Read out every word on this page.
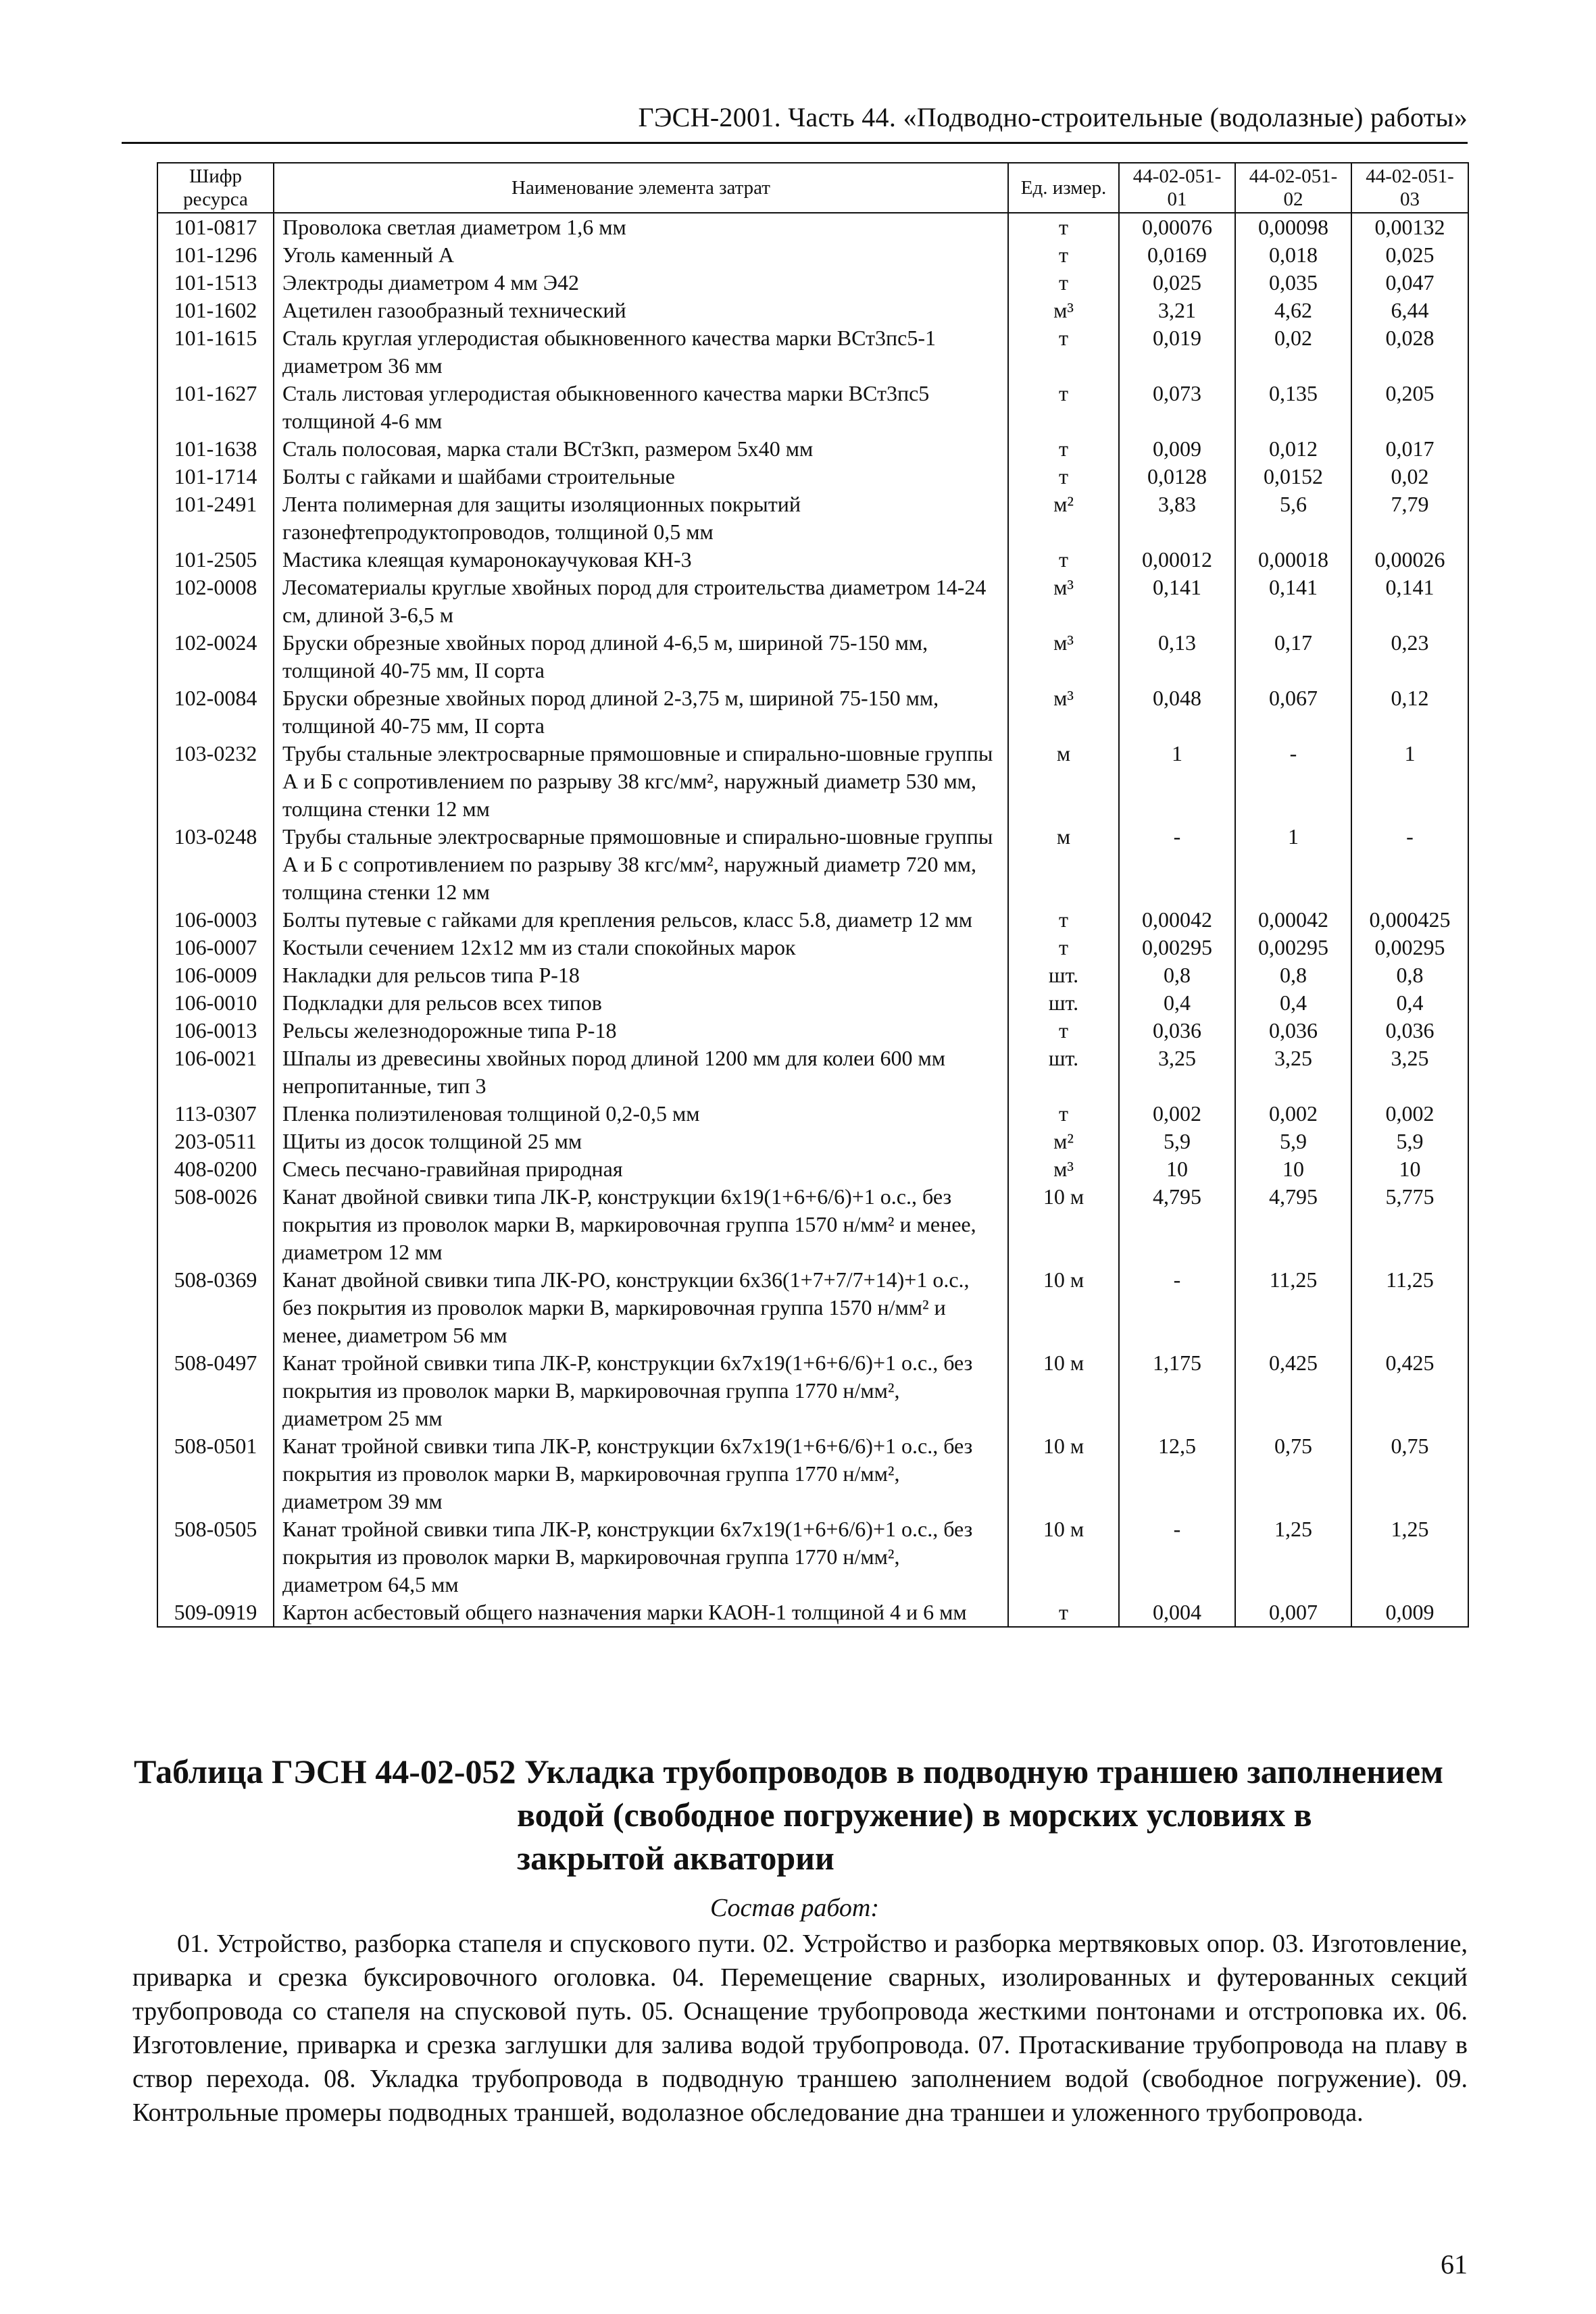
ГЭСН-2001. Часть 44. «Подводно-строительные (водолазные) работы»
Шифр ресурса	Наименование элемента затрат	Ед. измер.	44-02-051-01	44-02-051-02	44-02-051-03
101-0817	Проволока светлая диаметром 1,6 мм	т	0,00076	0,00098	0,00132
101-1296	Уголь каменный А	т	0,0169	0,018	0,025
101-1513	Электроды диаметром 4 мм Э42	т	0,025	0,035	0,047
101-1602	Ацетилен газообразный технический	м³	3,21	4,62	6,44
101-1615	Сталь круглая углеродистая обыкновенного качества марки ВСт3пс5-1 диаметром 36 мм	т	0,019	0,02	0,028
101-1627	Сталь листовая углеродистая обыкновенного качества марки ВСт3пс5 толщиной 4-6 мм	т	0,073	0,135	0,205
101-1638	Сталь полосовая, марка стали ВСт3кп, размером 5х40 мм	т	0,009	0,012	0,017
101-1714	Болты с гайками и шайбами строительные	т	0,0128	0,0152	0,02
101-2491	Лента полимерная для защиты изоляционных покрытий газонефтепродуктопроводов, толщиной 0,5 мм	м²	3,83	5,6	7,79
101-2505	Мастика клеящая кумаронокаучуковая КН-3	т	0,00012	0,00018	0,00026
102-0008	Лесоматериалы круглые хвойных пород для строительства диаметром 14-24 см, длиной 3-6,5 м	м³	0,141	0,141	0,141
102-0024	Бруски обрезные хвойных пород длиной 4-6,5 м, шириной 75-150 мм, толщиной 40-75 мм, II сорта	м³	0,13	0,17	0,23
102-0084	Бруски обрезные хвойных пород длиной 2-3,75 м, шириной 75-150 мм, толщиной 40-75 мм, II сорта	м³	0,048	0,067	0,12
103-0232	Трубы стальные электросварные прямошовные и спирально-шовные группы А и Б с сопротивлением по разрыву 38 кгс/мм², наружный диаметр 530 мм, толщина стенки 12 мм	м	1	-	1
103-0248	Трубы стальные электросварные прямошовные и спирально-шовные группы А и Б с сопротивлением по разрыву 38 кгс/мм², наружный диаметр 720 мм, толщина стенки 12 мм	м	-	1	-
106-0003	Болты путевые с гайками для крепления рельсов, класс 5.8, диаметр 12 мм	т	0,00042	0,00042	0,000425
106-0007	Костыли сечением 12х12 мм из стали спокойных марок	т	0,00295	0,00295	0,00295
106-0009	Накладки для рельсов типа Р-18	шт.	0,8	0,8	0,8
106-0010	Подкладки для рельсов всех типов	шт.	0,4	0,4	0,4
106-0013	Рельсы железнодорожные типа Р-18	т	0,036	0,036	0,036
106-0021	Шпалы из древесины хвойных пород длиной 1200 мм для колеи 600 мм непропитанные, тип 3	шт.	3,25	3,25	3,25
113-0307	Пленка полиэтиленовая толщиной 0,2-0,5 мм	т	0,002	0,002	0,002
203-0511	Щиты из досок толщиной 25 мм	м²	5,9	5,9	5,9
408-0200	Смесь песчано-гравийная природная	м³	10	10	10
508-0026	Канат двойной свивки типа ЛК-Р, конструкции 6х19(1+6+6/6)+1 о.с., без покрытия из проволок марки В, маркировочная группа 1570 н/мм² и менее, диаметром 12 мм	10 м	4,795	4,795	5,775
508-0369	Канат двойной свивки типа ЛК-РО, конструкции 6х36(1+7+7/7+14)+1 о.с., без покрытия из проволок марки В, маркировочная группа 1570 н/мм² и менее, диаметром 56 мм	10 м	-	11,25	11,25
508-0497	Канат тройной свивки типа ЛК-Р, конструкции 6х7х19(1+6+6/6)+1 о.с., без покрытия из проволок марки В, маркировочная группа 1770 н/мм², диаметром 25 мм	10 м	1,175	0,425	0,425
508-0501	Канат тройной свивки типа ЛК-Р, конструкции 6х7х19(1+6+6/6)+1 о.с., без покрытия из проволок марки В, маркировочная группа 1770 н/мм², диаметром 39 мм	10 м	12,5	0,75	0,75
508-0505	Канат тройной свивки типа ЛК-Р, конструкции 6х7х19(1+6+6/6)+1 о.с., без покрытия из проволок марки В, маркировочная группа 1770 н/мм², диаметром 64,5 мм	10 м	-	1,25	1,25
509-0919	Картон асбестовый общего назначения марки КАОН-1 толщиной 4 и 6 мм	т	0,004	0,007	0,009
Таблица ГЭСН 44-02-052 Укладка трубопроводов в подводную траншею заполнением
водой (свободное погружение) в морских условиях в
закрытой акватории
Состав работ:
01. Устройство, разборка стапеля и спускового пути. 02. Устройство и разборка мертвяковых опор. 03. Изготовление, приварка и срезка буксировочного оголовка. 04. Перемещение сварных, изолированных и футерованных секций трубопровода со стапеля на спусковой путь. 05. Оснащение трубопровода жесткими понтонами и отстроповка их. 06. Изготовление, приварка и срезка заглушки для залива водой трубопровода. 07. Протаскивание трубопровода на плаву в створ перехода. 08. Укладка трубопровода в подводную траншею заполнением водой (свободное погружение). 09. Контрольные промеры подводных траншей, водолазное обследование дна траншеи и уложенного трубопровода.
61
